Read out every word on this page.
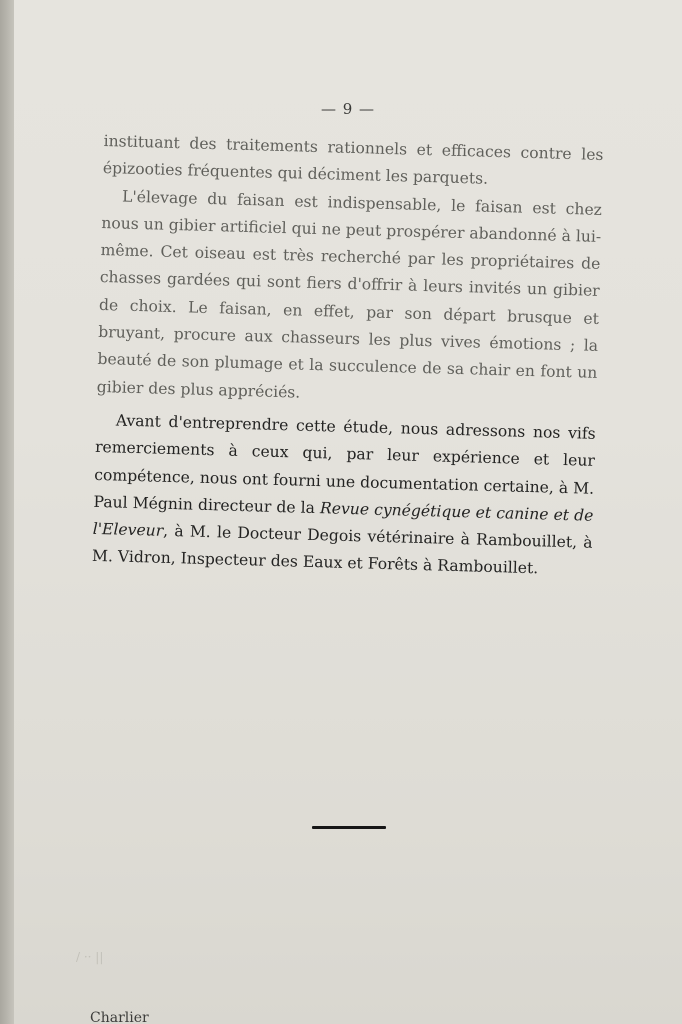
— 9 —

instituant des traitements rationnels et efficaces contre les épizooties fréquentes qui déciment les parquets.

L'élevage du faisan est indispensable, le faisan est chez nous un gibier artificiel qui ne peut prospérer abandonné à lui-même. Cet oiseau est très recherché par les propriétaires de chasses gardées qui sont fiers d'offrir à leurs invités un gibier de choix. Le faisan, en effet, par son départ brusque et bruyant, procure aux chasseurs les plus vives émotions ; la beauté de son plumage et la succulence de sa chair en font un gibier des plus appréciés.

Avant d'entreprendre cette étude, nous adressons nos vifs remerciements à ceux qui, par leur expérience et leur compétence, nous ont fourni une documentation certaine, à M. Paul Mégnin directeur de la Revue cynégétique et canine et de l'Eleveur, à M. le Docteur Degois vétérinaire à Rambouillet, à M. Vidron, Inspecteur des Eaux et Forêts à Rambouillet.

/ ·· ||
Charlier
